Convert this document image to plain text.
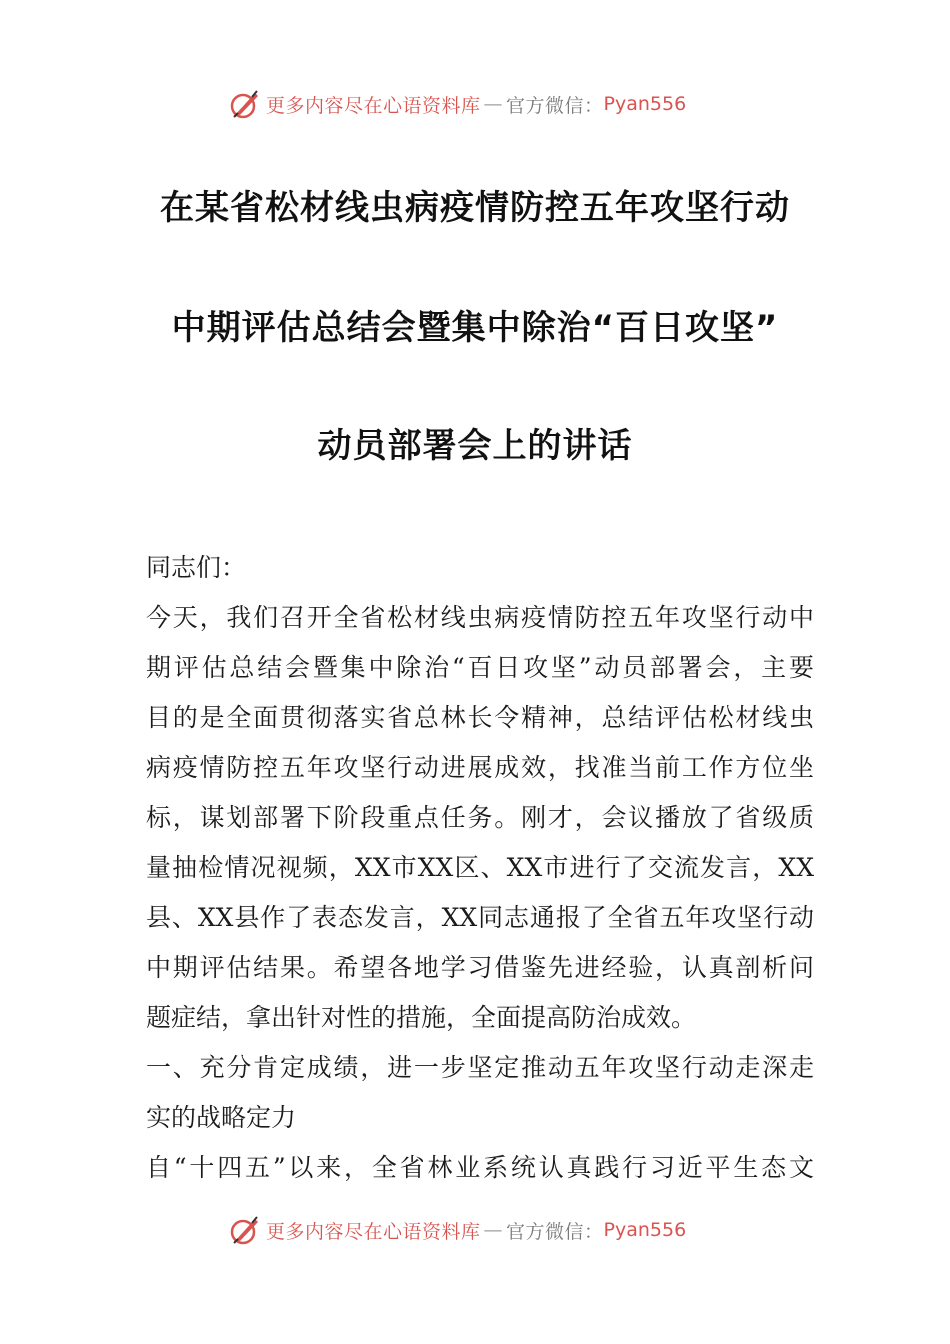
更多内容尽在心语资料库 — 官方微信： Pyan556
在某省松材线虫病疫情防控五年攻坚行动
中期评估总结会暨集中除治“百日攻坚”
动员部署会上的讲话
同志们：
今天，我们召开全省松材线虫病疫情防控五年攻坚行动中
期评估总结会暨集中除治“百日攻坚”动员部署会，主要
目的是全面贯彻落实省总林长令精神，总结评估松材线虫
病疫情防控五年攻坚行动进展成效，找准当前工作方位坐
标，谋划部署下阶段重点任务。刚才，会议播放了省级质
量抽检情况视频，XX市XX区、XX市进行了交流发言，XX
县、XX县作了表态发言，XX同志通报了全省五年攻坚行动
中期评估结果。希望各地学习借鉴先进经验，认真剖析问
题症结，拿出针对性的措施，全面提高防治成效。
一、充分肯定成绩，进一步坚定推动五年攻坚行动走深走
实的战略定力
自“十四五”以来，全省林业系统认真践行习近平生态文
更多内容尽在心语资料库 — 官方微信： Pyan556
